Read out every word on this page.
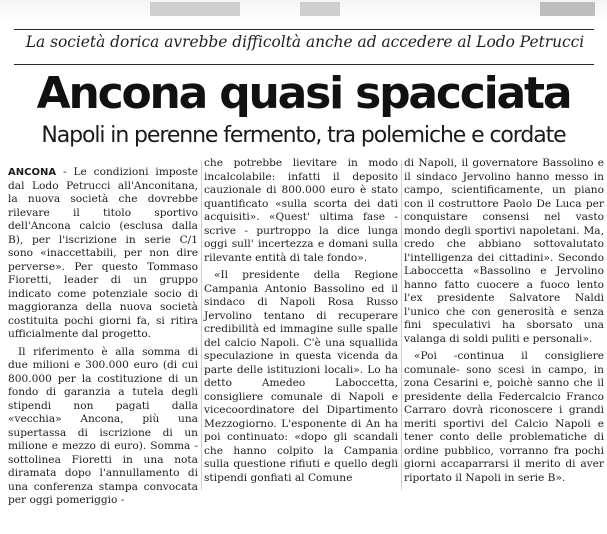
La società dorica avrebbe difficoltà anche ad accedere al Lodo Petrucci
Ancona quasi spacciata
Napoli in perenne fermento, tra polemiche e cordate

ANCONA - Le condizioni imposte dal Lodo Petrucci all'Anconitana, la nuova società che dovrebbe rilevare il titolo sportivo dell'Ancona calcio (esclusa dalla B), per l'iscrizione in serie C/1 sono «inaccettabili, per non dire perverse». Per questo Tommaso Fioretti, leader di un gruppo indicato come potenziale socio di maggioranza della nuova società costituita pochi giorni fa, si ritira ufficialmente dal progetto.

Il riferimento è alla somma di due milioni e 300.000 euro (di cui 800.000 per la costituzione di un fondo di garanzia a tutela degli stipendi non pagati dalla «vecchia» Ancona, più una supertassa di iscrizione di un milione e mezzo di euro). Somma - sottolinea Fioretti in una nota diramata dopo l'annullamento di una conferenza stampa convocata per oggi pomeriggio -

che potrebbe lievitare in modo incalcolabile: infatti il deposito cauzionale di 800.000 euro è stato quantificato «sulla scorta dei dati acquisiti». «Quest' ultima fase - scrive - purtroppo la dice lunga oggi sull' incertezza e domani sulla rilevante entità di tale fondo».

«Il presidente della Regione Campania Antonio Bassolino ed il sindaco di Napoli Rosa Russo Jervolino tentano di recuperare credibilità ed immagine sulle spalle del calcio Napoli. C'è una squallida speculazione in questa vicenda da parte delle istituzioni locali». Lo ha detto Amedeo Laboccetta, consigliere comunale di Napoli e vicecoordinatore del Dipartimento Mezzogiorno. L'esponente di An ha poi continuato: «dopo gli scandali che hanno colpito la Campania sulla questione rifiuti e quello degli stipendi gonfiati al Comune

di Napoli, il governatore Bassolino e il sindaco Jervolino hanno messo in campo, scientificamente, un piano con il costruttore Paolo De Luca per conquistare consensi nel vasto mondo degli sportivi napoletani. Ma, credo che abbiano sottovalutato l'intelligenza dei cittadini». Secondo Laboccetta «Bassolino e Jervolino hanno fatto cuocere a fuoco lento l'ex presidente Salvatore Naldi l'unico che con generosità e senza fini speculativi ha sborsato una valanga di soldi puliti e personali».

«Poi -continua il consigliere comunale- sono scesi in campo, in zona Cesarini e, poichè sanno che il presidente della Federcalcio Franco Carraro dovrà riconoscere i grandi meriti sportivi del Calcio Napoli e tener conto delle problematiche di ordine pubblico, vorranno fra pochi giorni accaparrarsi il merito di aver riportato il Napoli in serie B».
